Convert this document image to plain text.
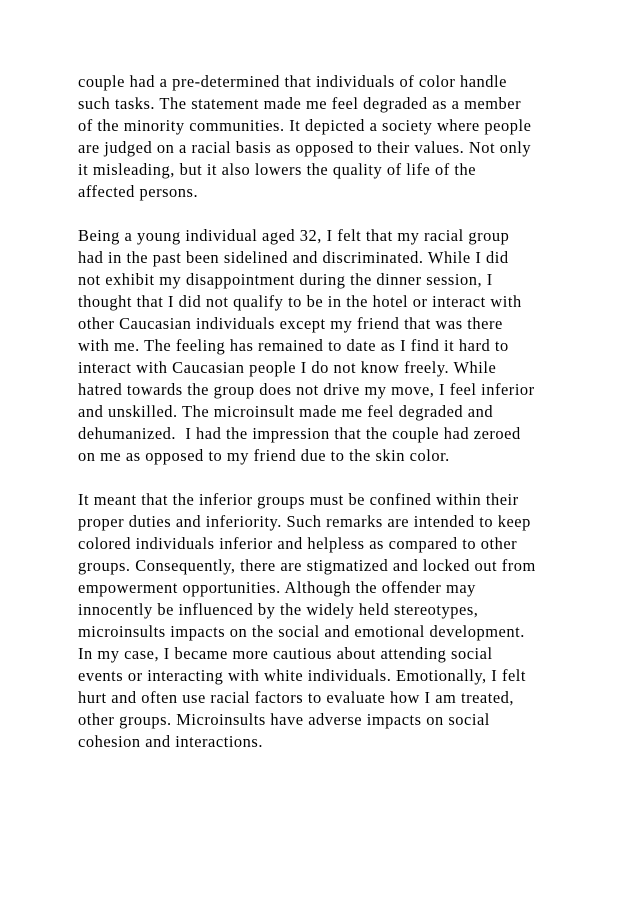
couple had a pre-determined that individuals of color handle
such tasks. The statement made me feel degraded as a member
of the minority communities. It depicted a society where people
are judged on a racial basis as opposed to their values. Not only
it misleading, but it also lowers the quality of life of the
affected persons.

Being a young individual aged 32, I felt that my racial group
had in the past been sidelined and discriminated. While I did
not exhibit my disappointment during the dinner session, I
thought that I did not qualify to be in the hotel or interact with
other Caucasian individuals except my friend that was there
with me. The feeling has remained to date as I find it hard to
interact with Caucasian people I do not know freely. While
hatred towards the group does not drive my move, I feel inferior
and unskilled. The microinsult made me feel degraded and
dehumanized.  I had the impression that the couple had zeroed
on me as opposed to my friend due to the skin color.

It meant that the inferior groups must be confined within their
proper duties and inferiority. Such remarks are intended to keep
colored individuals inferior and helpless as compared to other
groups. Consequently, there are stigmatized and locked out from
empowerment opportunities. Although the offender may
innocently be influenced by the widely held stereotypes,
microinsults impacts on the social and emotional development.
In my case, I became more cautious about attending social
events or interacting with white individuals. Emotionally, I felt
hurt and often use racial factors to evaluate how I am treated,
other groups. Microinsults have adverse impacts on social
cohesion and interactions.
